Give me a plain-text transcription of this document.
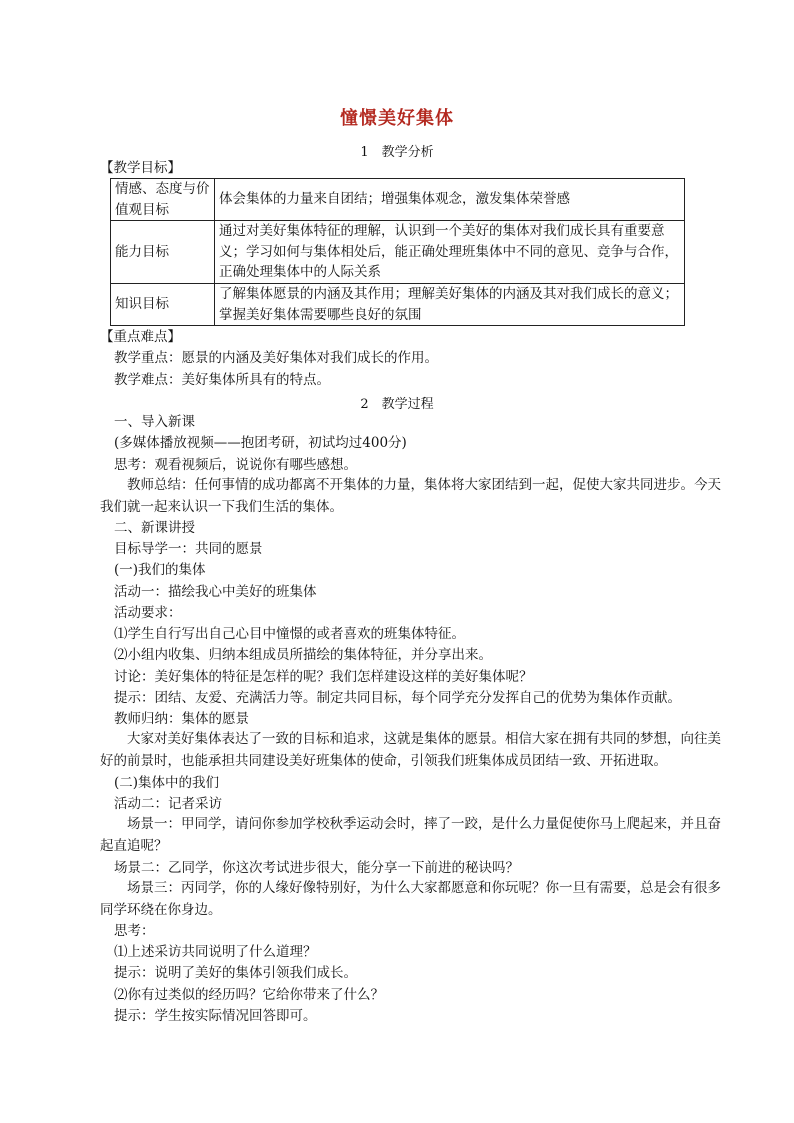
憧憬美好集体
1　教学分析
【教学目标】
情感、态度与价值观目标	体会集体的力量来自团结；增强集体观念，激发集体荣誉感
能力目标	通过对美好集体特征的理解，认识到一个美好的集体对我们成长具有重要意义；学习如何与集体相处后，能正确处理班集体中不同的意见、竞争与合作，正确处理集体中的人际关系
知识目标	了解集体愿景的内涵及其作用；理解美好集体的内涵及其对我们成长的意义；掌握美好集体需要哪些良好的氛围
【重点难点】
教学重点：愿景的内涵及美好集体对我们成长的作用。
教学难点：美好集体所具有的特点。
2　教学过程
一、导入新课
(多媒体播放视频——抱团考研，初试均过400分)
思考：观看视频后，说说你有哪些感想。
教师总结：任何事情的成功都离不开集体的力量，集体将大家团结到一起，促使大家共同进步。今天我们就一起来认识一下我们生活的集体。
二、新课讲授
目标导学一：共同的愿景
(一)我们的集体
活动一：描绘我心中美好的班集体
活动要求：
⑴学生自行写出自己心目中憧憬的或者喜欢的班集体特征。
⑵小组内收集、归纳本组成员所描绘的集体特征，并分享出来。
讨论：美好集体的特征是怎样的呢？我们怎样建设这样的美好集体呢？
提示：团结、友爱、充满活力等。制定共同目标，每个同学充分发挥自己的优势为集体作贡献。
教师归纳：集体的愿景
大家对美好集体表达了一致的目标和追求，这就是集体的愿景。相信大家在拥有共同的梦想，向往美好的前景时，也能承担共同建设美好班集体的使命，引领我们班集体成员团结一致、开拓进取。
(二)集体中的我们
活动二：记者采访
场景一：甲同学，请问你参加学校秋季运动会时，摔了一跤，是什么力量促使你马上爬起来，并且奋起直追呢？
场景二：乙同学，你这次考试进步很大，能分享一下前进的秘诀吗？
场景三：丙同学，你的人缘好像特别好，为什么大家都愿意和你玩呢？你一旦有需要，总是会有很多同学环绕在你身边。
思考：
⑴上述采访共同说明了什么道理？
提示：说明了美好的集体引领我们成长。
⑵你有过类似的经历吗？它给你带来了什么？
提示：学生按实际情况回答即可。
